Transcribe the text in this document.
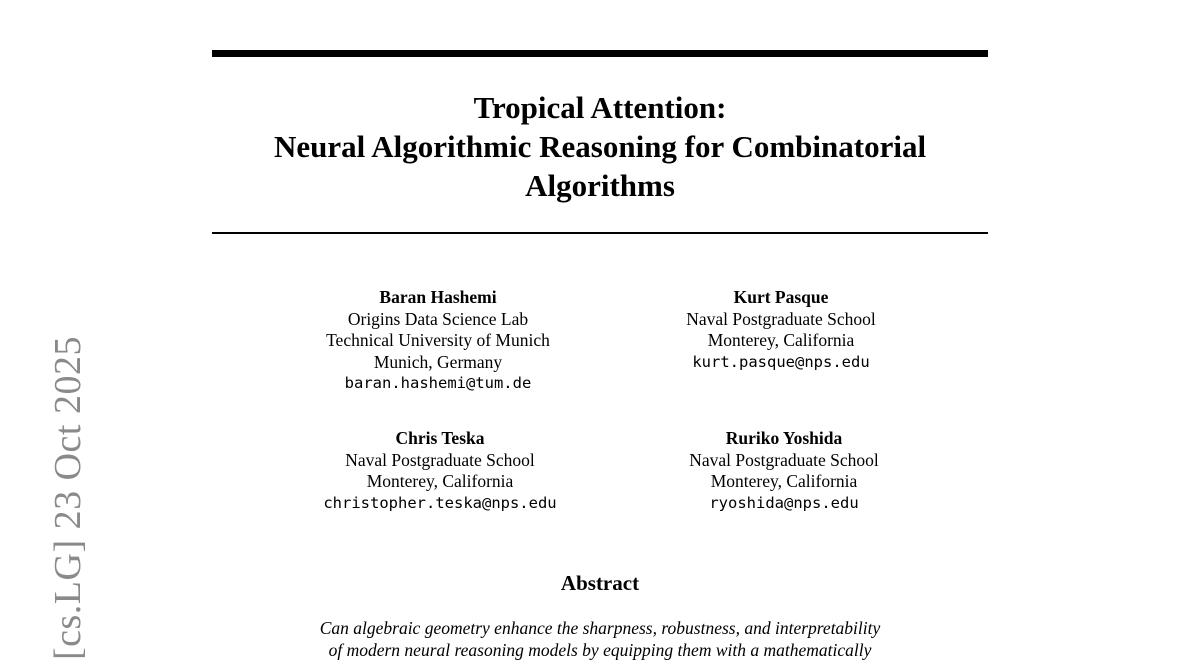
Tropical Attention:
Neural Algorithmic Reasoning for Combinatorial
Algorithms
Baran Hashemi
Origins Data Science Lab
Technical University of Munich
Munich, Germany
baran.hashemi@tum.de
Kurt Pasque
Naval Postgraduate School
Monterey, California
kurt.pasque@nps.edu
Chris Teska
Naval Postgraduate School
Monterey, California
christopher.teska@nps.edu
Ruriko Yoshida
Naval Postgraduate School
Monterey, California
ryoshida@nps.edu
Abstract
Can algebraic geometry enhance the sharpness, robustness, and interpretability
of modern neural reasoning models by equipping them with a mathematically
[cs.LG] 23 Oct 2025
